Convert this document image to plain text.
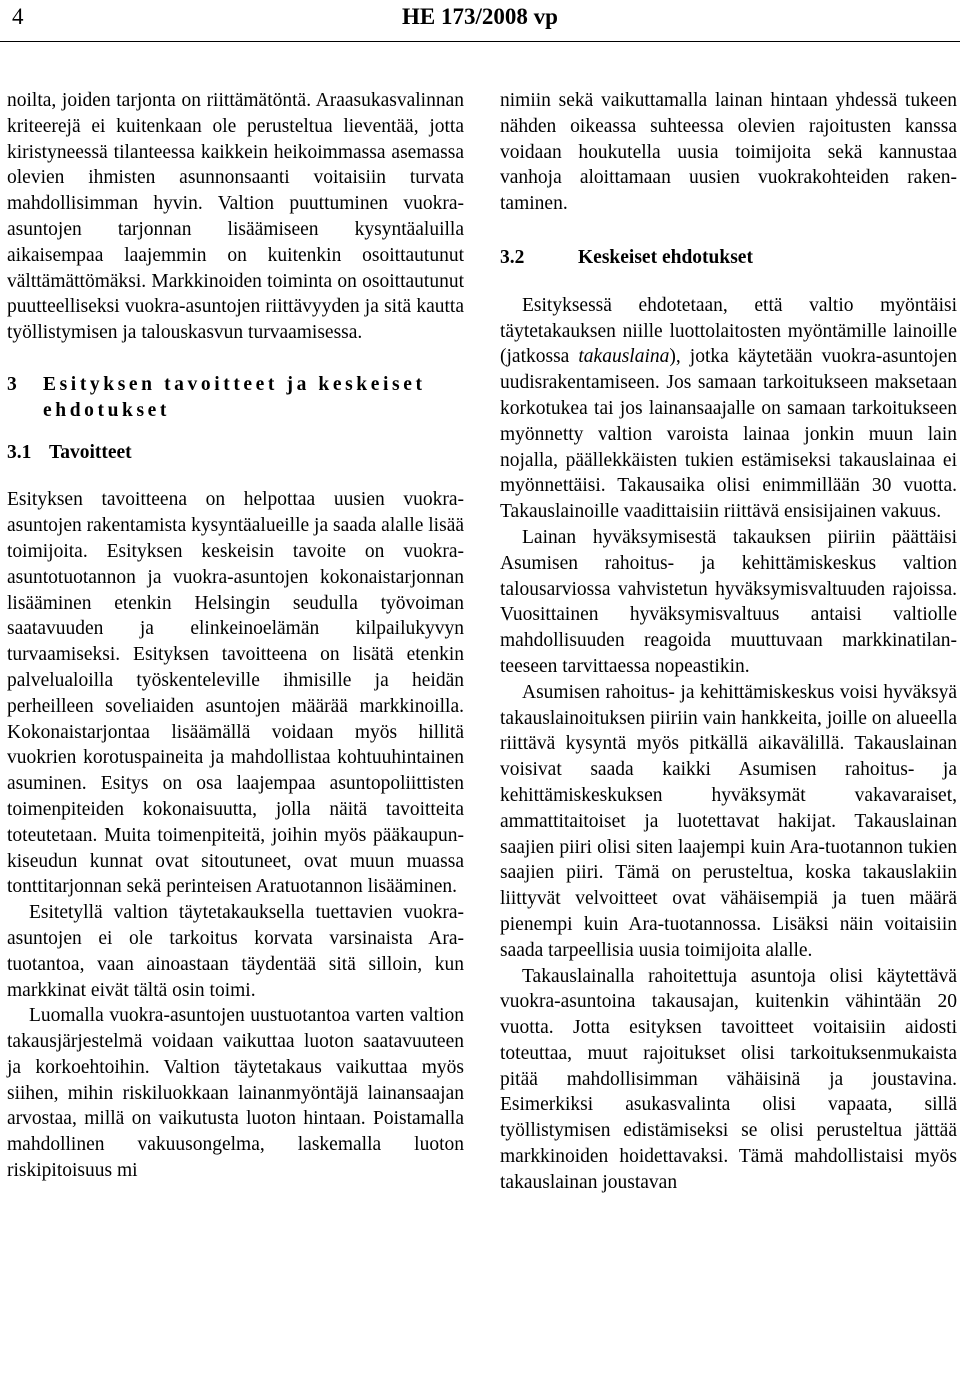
4	HE 173/2008 vp

noilta, joiden tarjonta on riittämätöntä. Araasukasvalinnan kriteerejä ei kuitenkaan ole perusteltua lieventää, jotta kiristyneessä tilanteessa kaikkein heikoimmassa asemassa olevien ihmisten asunnonsaanti voitaisiin turvata mahdollisimman hyvin. Valtion puuttuminen vuokra-asuntojen tarjonnan lisäämiseen kysyntäaluilla aikaisempaa laajemmin on kuitenkin osoittautunut välttämättömäksi. Markkinoiden toiminta on osoittautunut puutteelliseksi vuokra-asuntojen riittävyyden ja sitä kautta työllistymisen ja talouskasvun turvaamisessa.

3	Esityksen tavoitteet ja keskeiset ehdotukset
3.1 Tavoitteet

Esityksen tavoitteena on helpottaa uusien vuokra-asuntojen rakentamista kysyntäalueille ja saada alalle lisää toimijoita. Esityksen keskeisin tavoite on vuokra-asuntotuotannon ja vuokra-asuntojen kokonaistarjonnan lisääminen etenkin Helsingin seudulla työvoiman saatavuuden ja elinkeinoelämän kilpailukyvyn turvaamiseksi. Esityksen tavoitteena on lisätä etenkin palvelualoilla työskenteleville ihmisille ja heidän perheilleen soveliaiden asuntojen määrää markkinoilla. Kokonaistarjontaa lisäämällä voidaan myös hillitä vuokrien korotuspaineita ja mahdollistaa kohtuuhintainen asuminen. Esitys on osa laajempaa asuntopoliittisten toimenpiteiden kokonaisuutta, jolla näitä tavoitteita toteutetaan. Muita toimenpiteitä, joihin myös pääkaupunkiseudun kunnat ovat sitoutuneet, ovat muun muassa tonttitarjonnan sekä perinteisen Aratuotannon lisääminen.

Esitetyllä valtion täytetakauksella tuettavien vuokra-asuntojen ei ole tarkoitus korvata varsinaista Ara-tuotantoa, vaan ainoastaan täydentää sitä silloin, kun markkinat eivät tältä osin toimi.

Luomalla vuokra-asuntojen uustuotantoa varten valtion takausjärjestelmä voidaan vaikuttaa luoton saatavuuteen ja korkoehtoihin. Valtion täytetakaus vaikuttaa myös siihen, mihin riskiluokkaan lainanmyöntäjä lainansaajan arvostaa, millä on vaikutusta luoton hintaan. Poistamalla mahdollinen vakuusongelma, laskemalla luoton riskipitoisuus mi

nimiin sekä vaikuttamalla lainan hintaan yhdessä tukeen nähden oikeassa suhteessa olevien rajoitusten kanssa voidaan houkutella uusia toimijoita sekä kannustaa vanhoja aloittamaan uusien vuokrakohteiden rakentaminen.

3.2	Keskeiset ehdotukset

Esityksessä ehdotetaan, että valtio myöntäisi täytetakauksen niille luottolaitosten myöntämille lainoille (jatkossa takauslaina), jotka käytetään vuokra-asuntojen uudisrakentamiseen. Jos samaan tarkoitukseen maksetaan korkotukea tai jos lainansaajalle on samaan tarkoitukseen myönnetty valtion varoista lainaa jonkin muun lain nojalla, päällekkäisten tukien estämiseksi takauslainaa ei myönnettäisi. Takausaika olisi enimmillään 30 vuotta. Takauslainoille vaadittaisiin riittävä ensisijainen vakuus.

Lainan hyväksymisestä takauksen piiriin päättäisi Asumisen rahoitus- ja kehittämiskeskus valtion talousarviossa vahvistetun hyväksymisvaltuuden rajoissa. Vuosittainen hyväksymisvaltuus antaisi valtiolle mahdollisuuden reagoida muuttuvaan markkinatilanteeseen tarvittaessa nopeastikin.

Asumisen rahoitus- ja kehittämiskeskus voisi hyväksyä takauslainoituksen piiriin vain hankkeita, joille on alueella riittävä kysyntä myös pitkällä aikavälillä. Takauslainan voisivat saada kaikki Asumisen rahoitus- ja kehittämiskeskuksen hyväksymät vakavaraiset, ammattitaitoiset ja luotettavat hakijat. Takauslainan saajien piiri olisi siten laajempi kuin Ara-tuotannon tukien saajien piiri. Tämä on perusteltua, koska takauslakiin liittyvät velvoitteet ovat vähäisempiä ja tuen määrä pienempi kuin Ara-tuotannossa. Lisäksi näin voitaisiin saada tarpeellisia uusia toimijoita alalle.

Takauslainalla rahoitettuja asuntoja olisi käytettävä vuokra-asuntoina takausajan, kuitenkin vähintään 20 vuotta. Jotta esityksen tavoitteet voitaisiin aidosti toteuttaa, muut rajoitukset olisi tarkoituksenmukaista pitää mahdollisimman vähäisinä ja joustavina. Esimerkiksi asukasvalinta olisi vapaata, sillä työllistymisen edistämiseksi se olisi perusteltua jättää markkinoiden hoidettavaksi. Tämä mahdollistaisi myös takauslainan joustavan
